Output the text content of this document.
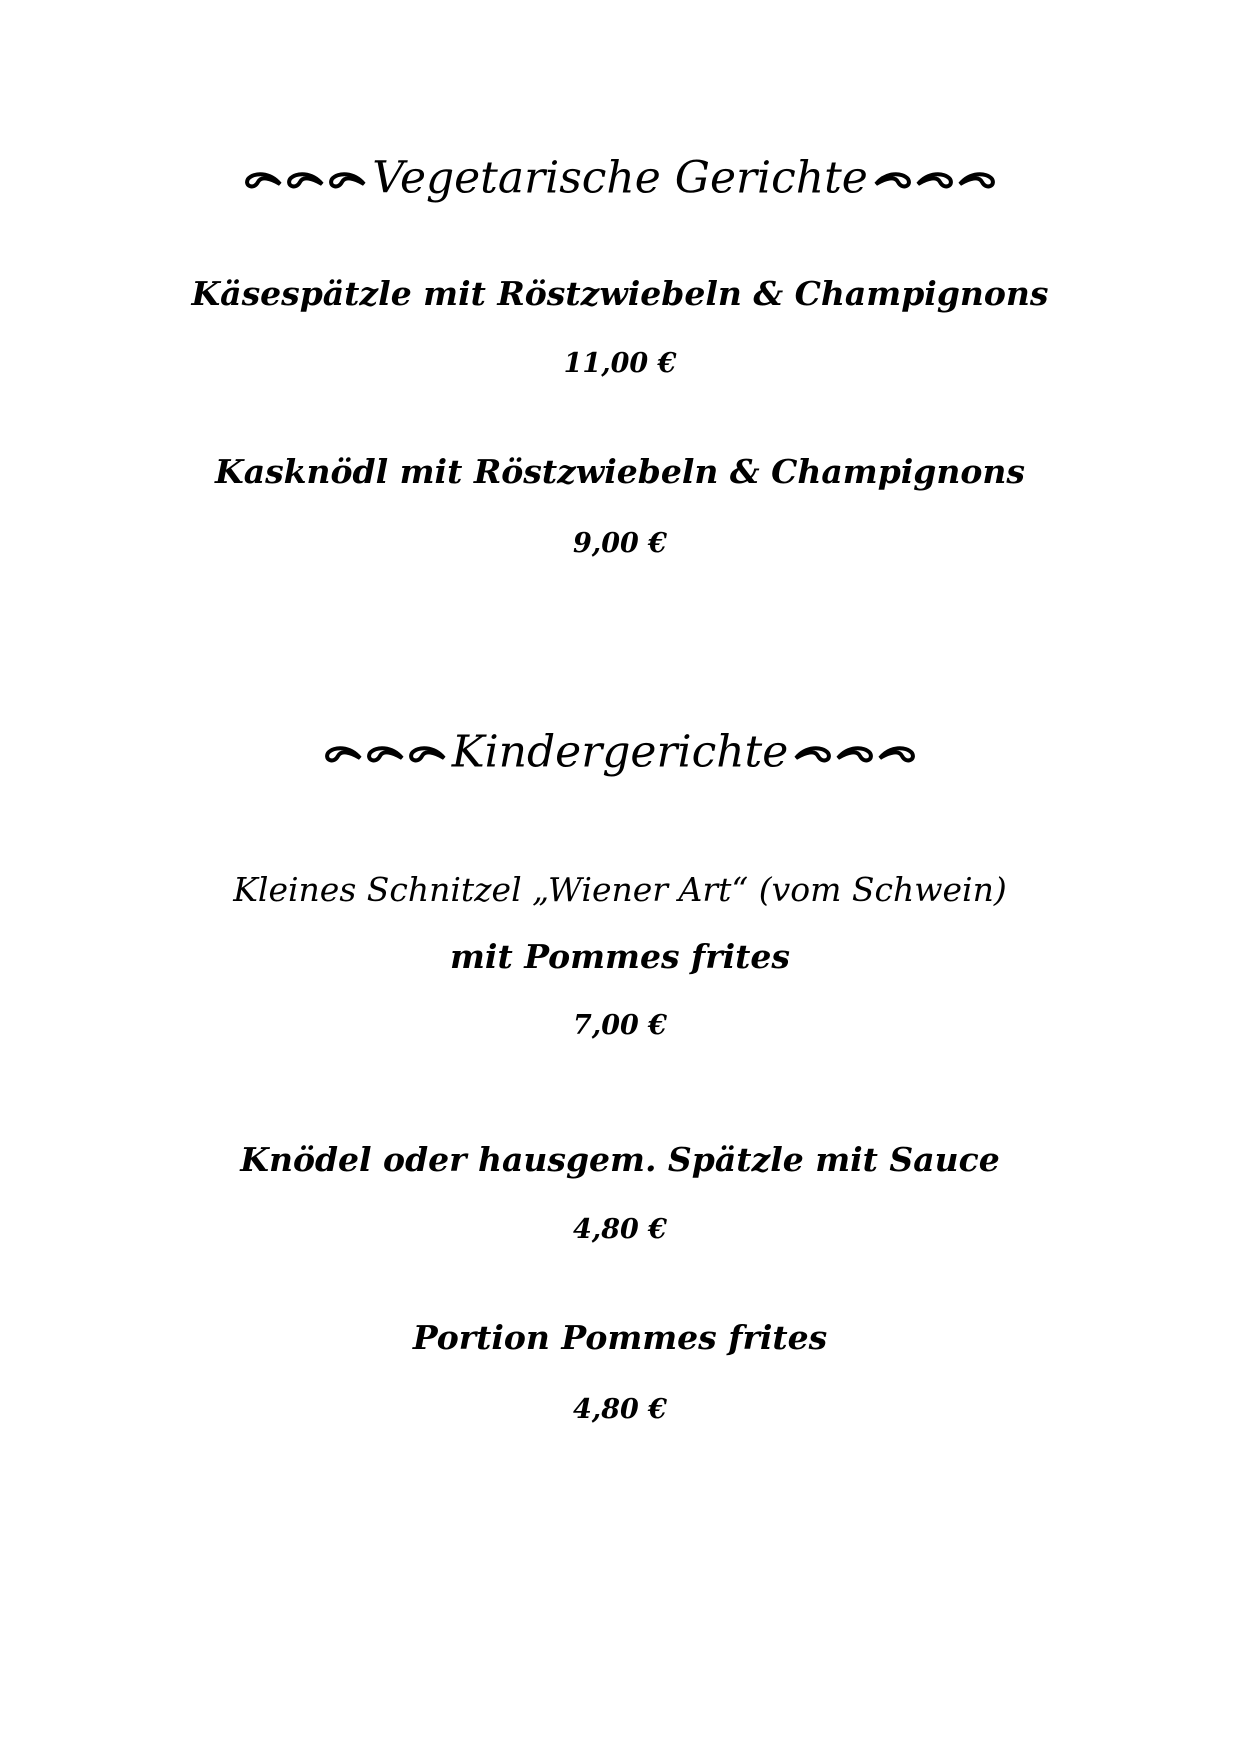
Vegetarische Gerichte
Käsespätzle mit Röstzwiebeln & Champignons
11,00 €
Kasknödl mit Röstzwiebeln & Champignons
9,00 €
Kindergerichte
Kleines Schnitzel „Wiener Art“ (vom Schwein)
mit Pommes frites
7,00 €
Knödel oder hausgem. Spätzle mit Sauce
4,80 €
Portion Pommes frites
4,80 €
